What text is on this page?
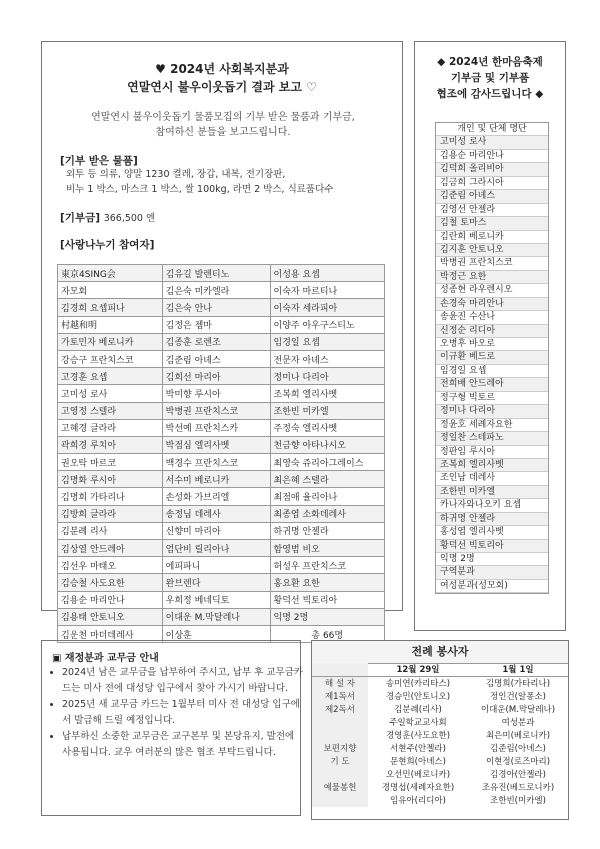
♥ 2024년 사회복지분과
연말연시 불우이웃돕기 결과 보고 ♡
연말연시 불우이웃돕기 물품모집의 기부 받은 물품과 기부금,
참여하신 분들을 보고드립니다.
[기부 받은 물품]
외투 등 의류, 양말 1230 켤레, 장갑, 내복, 전기장판,
비누 1 박스, 마스크 1 박스, 쌀 100kg, 라면 2 박스, 식료품다수
[기부금] 366,500 엔
[사랑나누기 참여자]
東京4SING会	김유길 발렌티노	이성용 요셉
자모회	김은숙 미카엘라	이숙자 마르티나
김경희 요셉피나	김은숙 안나	이숙자 세라피아
村越和明	김정은 젬마	이양주 아우구스티노
가토민자 베로니카	김종훈 로렌조	임경일 요셉
강승구 프란치스코	김준림 아녜스	전문자 아녜스
고경훈 요셉	김희선 마리아	정미나 다리아
고미성 로사	박미향 루시아	조복희 엘리사벳
고영정 스텔라	박병권 프란치스코	조한빈 미카엘
고혜경 글라라	박선예 프란치스카	주정숙 엘리사벳
곽희경 루치아	박점심 엘리사벳	천금향 아타나시오
권오탁 마르코	백경수 프란치스코	최영숙 쥬리아그레이스
김명화 루시아	서수미 베로니카	최은혜 스텔라
김명희 가타리나	손성화 가브리엘	최점애 율리아나
김방희 글라라	송정님 데레사	최종엽 소화데레사
김분례 리사	신향미 마리아	하귀명 안젤라
김상열 안드레아	엄단비 릴리아나	함영범 비오
김선우 마태오	에피파니	허성우 프란치스코
김승철 사도요한	완브렌다	홍요환 요한
김용순 마리안나	우희정 베네딕토	황덕선 빅토리아
김용태 안토니오	이대운 M.막달레나	익명 2명
김운천 마더데레사	이상훈	총 66명
◆ 2024년 한마음축제
기부금 및 기부품
협조에 감사드립니다 ◆
개인 및 단체 명단
고미성 로사
김용순 마리안나
김덕희 올리비아
김금희 그라시아
김준림 아녜스
김영선 안젤라
김철 토마스
김란희 베로니카
김지훈 안토니오
박병권 프란치스코
박정근 요한
성종현 라우렌시오
손경숙 마리안나
송윤진 수산나
신정순 리디아
오병후 바오로
이규환 베드로
임경일 요셉
전희배 안드레아
정구형 빅토르
정미나 다리아
정윤호 세례자요한
정일찬 스테파노
정판임 루시아
조복희 엘리사벳
조인남 데레사
조한빈 미카엘
카나자와나오키 요셉
하귀명 안젤라
홍성엽 엘리사벳
황덕선 빅토리아
익명 2명
구역분과
여성분과(성모회)
▣ 재정분과 교무금 안내
• 2024년 남은 교무금을 납부하여 주시고, 납부 후 교무금카드는 미사 전에 대성당 입구에서 찾아 가시기 바랍니다.
• 2025년 새 교무금 카드는 1월부터 미사 전 대성당 입구에서 발급해 드릴 예정입니다.
• 납부하신 소중한 교무금은 교구본부 및 본당유지, 발전에 사용됩니다. 교우 여러분의 많은 협조 부탁드립니다.
전례 봉사자
	12월 29일	1월 1일
해 설 자	송미연(카리타스)	김명희(가타리나)
제1독서	경승민(안토니오)	정인건(알퐁소)
제2독서	김분례(리사)	이대운(M.막달레나)
	주일학교교사회	여성분과
	경영훈(사도요한)	최은미(베로니카)
보편지향	서현주(안젤라)	김준림(아녜스)
기 도	문현희(아녜스)	이현정(로즈마리)
	오선민(베로니카)	김경아(안젤라)
예물봉헌	경명섭(세례자요한)	조유진(베드로니카)
	임유아(리디아)	조한빈(미카엘)
